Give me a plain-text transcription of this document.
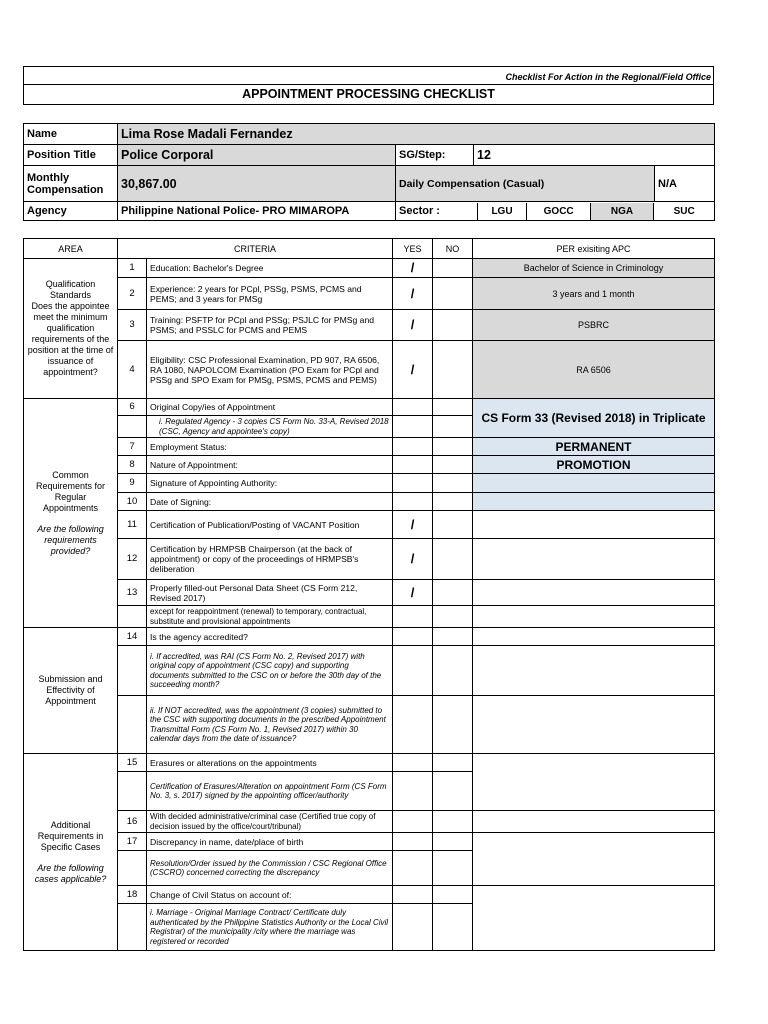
Checklist For Action in the Regional/Field Office
APPOINTMENT PROCESSING CHECKLIST
Name	Lima Rose Madali Fernandez
Position Title	Police Corporal	SG/Step:	12
Monthly Compensation	30,867.00	Daily Compensation (Casual)	N/A
Agency	Philippine National Police- PRO MIMAROPA		Sector :	LGU	GOCC	NGA	SUC
AREA	CRITERIA		YES	NO	PER exisiting APC

Qualification Standards
Does the appointee meet the minimum qualification requirements of the position at the time of issuance of appointment?	1	Education: Bachelor's Degree	/		Bachelor of Science in Criminology
	2	Experience: 2 years for PCpl, PSSg, PSMS, PCMS and PEMS; and 3 years for PMSg	/		3 years and 1 month
	3	Training: PSFTP for PCpl and PSSg; PSJLC for PMSg and PSMS; and PSSLC for PCMS and PEMS	/		PSBRC
	4	Eligibility: CSC Professional Examination, PD 907, RA 6506, RA 1080, NAPOLCOM Examination (PO Exam for PCpl and PSSg and SPO Exam for PMSg, PSMS, PCMS and PEMS)	/		RA 6506

Common Requirements for Regular Appointments
Are the following requirements provided?	6	Original Copy/ies of Appointment			CS Form 33 (Revised 2018) in Triplicate
		i. Regulated Agency - 3 copies CS Form No. 33-A, Revised 2018 (CSC, Agency and appointee's copy)			
	7	Employment Status:			PERMANENT
	8	Nature of Appointment:			PROMOTION
	9	Signature of Appointing Authority:			
	10	Date of Signing:			
	11	Certification of Publication/Posting of VACANT Position	/		
	12	Certification by HRMPSB Chairperson (at the back of appointment) or copy of the proceedings of HRMPSB's deliberation	/		
	13	Properly filled-out Personal Data Sheet (CS Form 212, Revised 2017)	/		
		except for reappointment (renewal) to temporary, contractual, substitute and provisional appointments			
Submission and Effectivity of Appointment	14	Is the agency accredited?			
		i. If accredited, was RAI (CS Form No. 2, Revised 2017) with original copy of appointment (CSC copy) and supporting documents submitted to the CSC on or before the 30th day of the succeeding month?			
		ii. If NOT accredited, was the appointment (3 copies) submitted to the CSC with supporting documents in the prescribed Appointment Transmittal Form (CS Form No. 1, Revised 2017) within 30 calendar days from the date of issuance?			

Additional Requirements in Specific Cases
Are the following cases applicable?	15	Erasures or alterations on the appointments			
		Certification of Erasures/Alteration on appointment Form (CS Form No. 3, s. 2017) signed by the appointing officer/authority			
	16	With decided administrative/criminal case (Certified true copy of decision issued by the office/court/tribunal)			
	17	Discrepancy in name, date/place of birth			
		Resolution/Order issued by the Commission / CSC Regional Office (CSCRO) concerned correcting the discrepancy			
	18	Change of Civil Status on account of:			
		i. Marriage - Original Marriage Contract/ Certificate duly authenticated by the Philippine Statistics Authority or the Local Civil Registrar) of the municipality /city where the marriage was registered or recorded			
